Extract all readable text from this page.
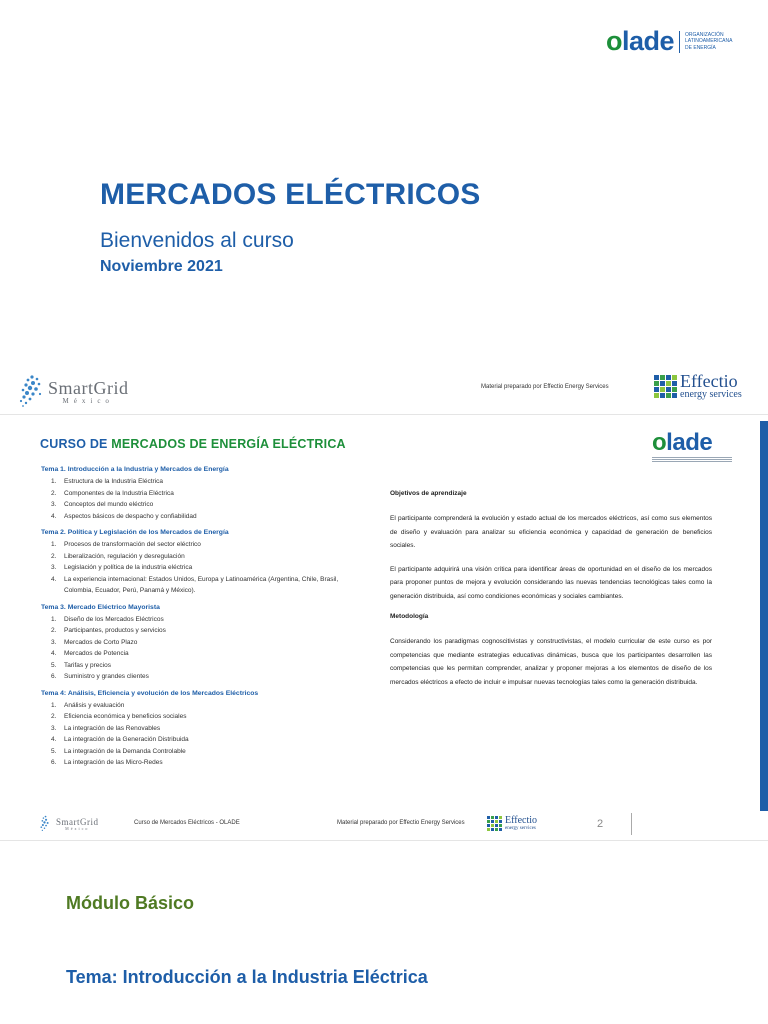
olade ORGANIZACIÓN
LATINOAMERICANA
DE ENERGÍA
MERCADOS ELÉCTRICOS
Bienvenidos al curso
Noviembre 2021
SmartGrid
México
Material preparado por Effectio Energy Services	Effectio
energy services
CURSO DE MERCADOS DE ENERGÍA ELÉCTRICA	olade
Tema 1. Introducción a la Industria y Mercados de Energía
1.	Estructura de la Industria Eléctrica
2.	Componentes de la Industria Eléctrica
3.	Conceptos del mundo eléctrico
4.	Aspectos básicos de despacho y confiabilidad
Tema 2. Política y Legislación de los Mercados de Energía
1.	Procesos de transformación del sector eléctrico
2.	Liberalización, regulación y desregulación
3.	Legislación y política de la industria eléctrica
4.	La experiencia internacional: Estados Unidos, Europa y Latinoamérica (Argentina, Chile, Brasil, Colombia, Ecuador, Perú, Panamá y México).
Tema 3. Mercado Eléctrico Mayorista
1.	Diseño de los Mercados Eléctricos
2.	Participantes, productos y servicios
3.	Mercados de Corto Plazo
4.	Mercados de Potencia
5.	Tarifas y precios
6.	Suministro y grandes clientes
Tema 4: Análisis, Eficiencia y evolución de los Mercados Eléctricos
1.	Análisis y evaluación
2.	Eficiencia económica y beneficios sociales
3.	La integración de las Renovables
4.	La integración de la Generación Distribuida
5.	La integración de la Demanda Controlable
6.	La integración de las Micro-Redes
Objetivos de aprendizaje

El participante comprenderá la evolución y estado actual de los mercados eléctricos, así como sus elementos de diseño y evaluación para analizar su eficiencia económica y capacidad de generación de beneficios sociales.

El participante adquirirá una visión crítica para identificar áreas de oportunidad en el diseño de los mercados para proponer puntos de mejora y evolución considerando las nuevas tendencias tecnológicas tales como la generación distribuida, así como condiciones económicas y sociales cambiantes.

Metodología

Considerando los paradigmas cognoscitivistas y constructivistas, el modelo curricular de este curso es por competencias que mediante estrategias educativas dinámicas, busca que los participantes desarrollen las competencias que les permitan comprender, analizar y proponer mejoras a los elementos de diseño de los mercados eléctricos a efecto de incluir e impulsar nuevas tecnologías tales como la generación distribuida.

SmartGrid
México
Curso de Mercados Eléctricos - OLADE	Material preparado por Effectio Energy Services	Effectio
energy services	2
Módulo Básico
Tema: Introducción a la Industria Eléctrica
